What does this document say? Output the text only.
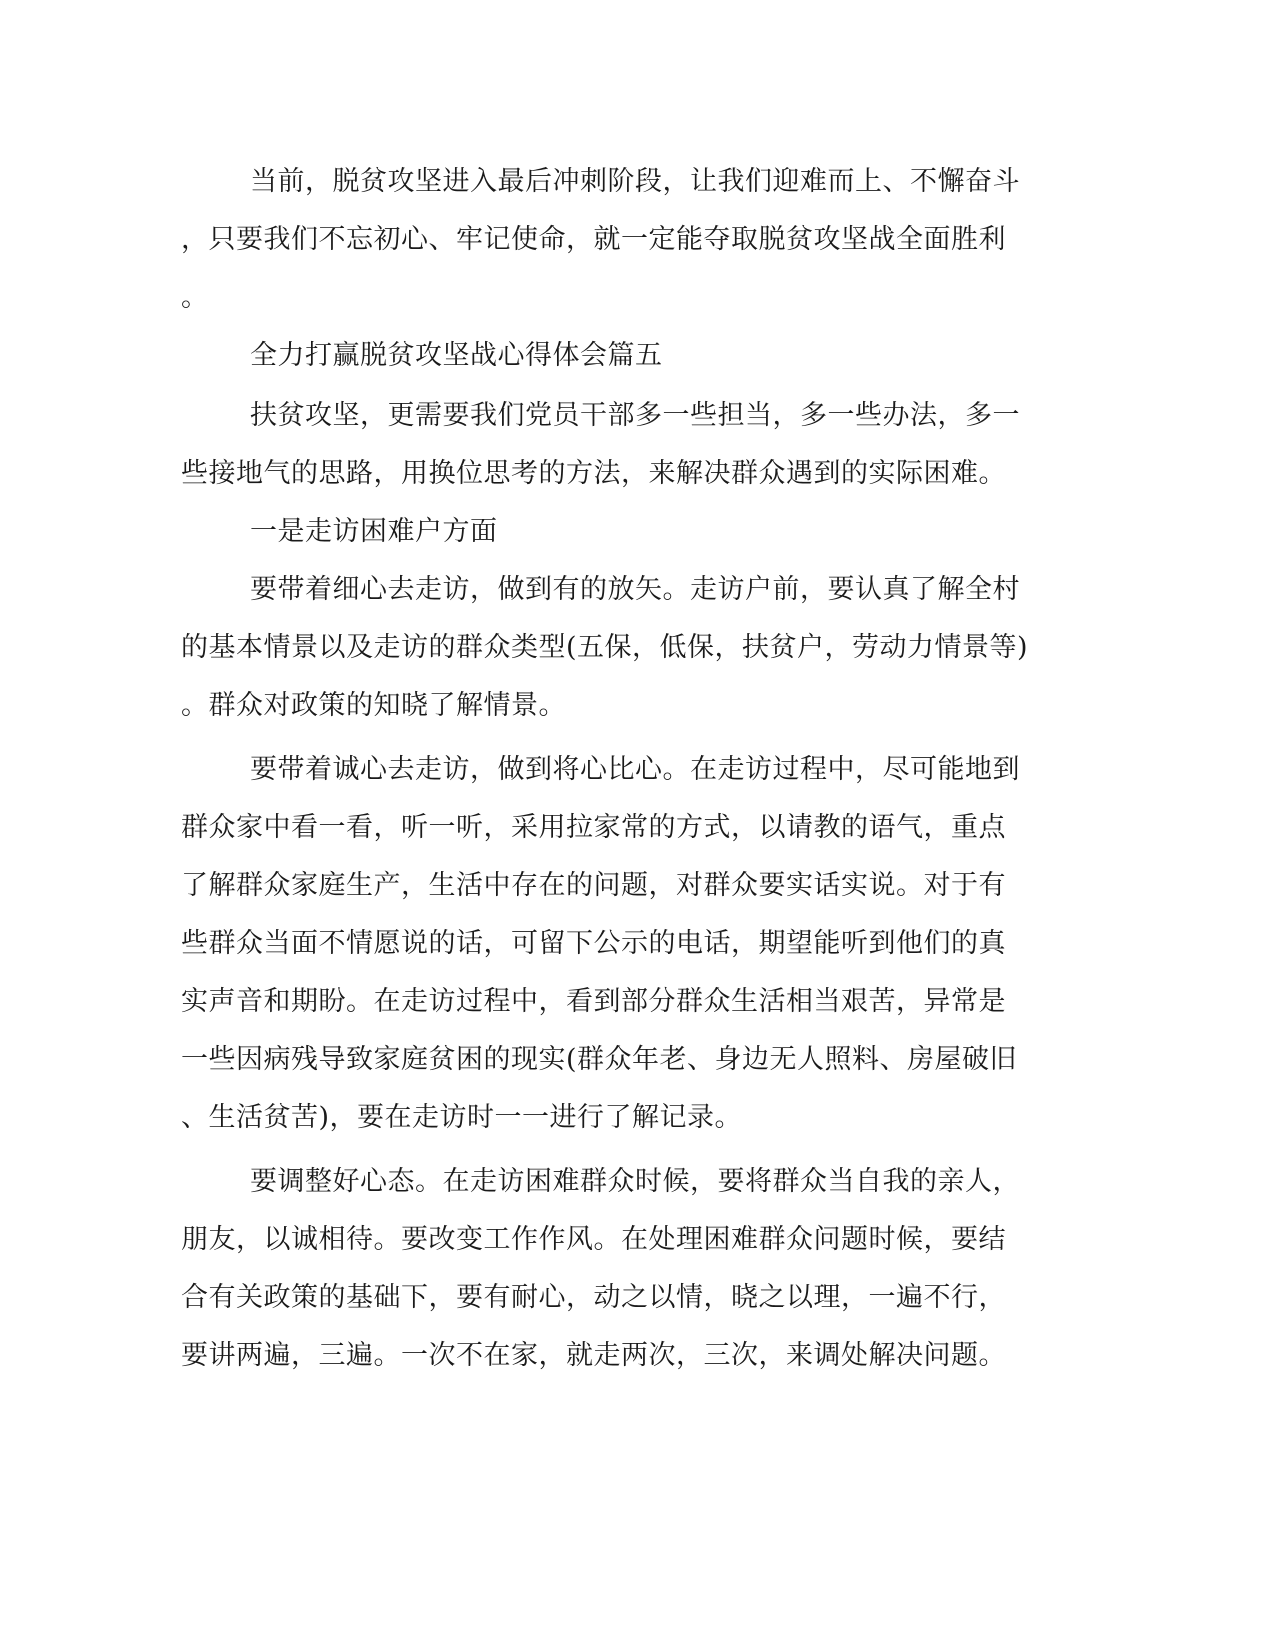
当前，脱贫攻坚进入最后冲刺阶段，让我们迎难而上、不懈奋斗
，只要我们不忘初心、牢记使命，就一定能夺取脱贫攻坚战全面胜利
。
全力打赢脱贫攻坚战心得体会篇五
扶贫攻坚，更需要我们党员干部多一些担当，多一些办法，多一
些接地气的思路，用换位思考的方法，来解决群众遇到的实际困难。
一是走访困难户方面
要带着细心去走访，做到有的放矢。走访户前，要认真了解全村
的基本情景以及走访的群众类型(五保，低保，扶贫户，劳动力情景等)
。群众对政策的知晓了解情景。
要带着诚心去走访，做到将心比心。在走访过程中，尽可能地到
群众家中看一看，听一听，采用拉家常的方式，以请教的语气，重点
了解群众家庭生产，生活中存在的问题，对群众要实话实说。对于有
些群众当面不情愿说的话，可留下公示的电话，期望能听到他们的真
实声音和期盼。在走访过程中，看到部分群众生活相当艰苦，异常是
一些因病残导致家庭贫困的现实(群众年老、身边无人照料、房屋破旧
、生活贫苦)，要在走访时一一进行了解记录。
要调整好心态。在走访困难群众时候，要将群众当自我的亲人，
朋友，以诚相待。要改变工作作风。在处理困难群众问题时候，要结
合有关政策的基础下，要有耐心，动之以情，晓之以理，一遍不行，
要讲两遍，三遍。一次不在家，就走两次，三次，来调处解决问题。
